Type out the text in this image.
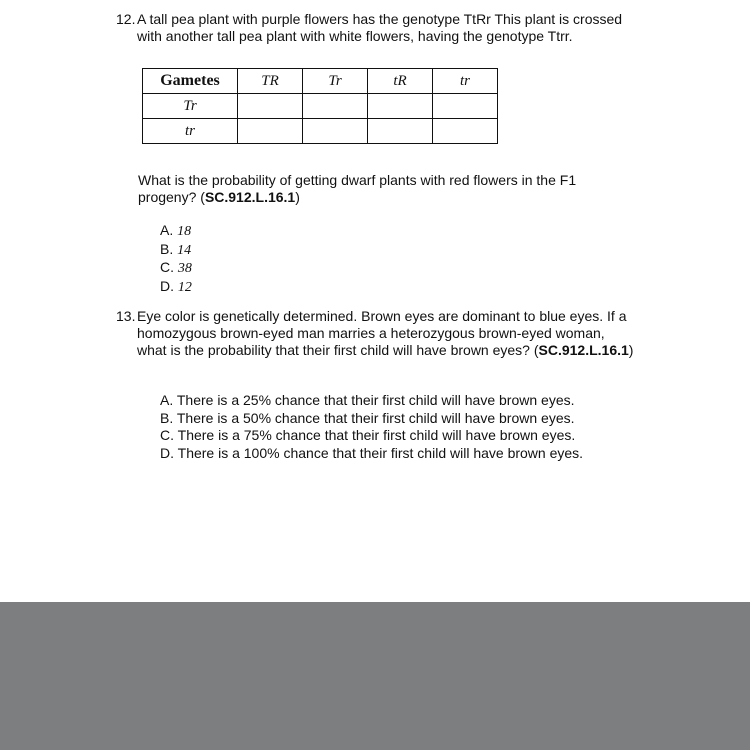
12. A tall pea plant with purple flowers has the genotype TtRr This plant is crossed
with another tall pea plant with white flowers, having the genotype Ttrr.
Gametes	TR	Tr	tR	tr
Tr				
tr				
What is the probability of getting dwarf plants with red flowers in the F1
progeny? (SC.912.L.16.1)
A. 18
B. 14
C. 38
D. 12
13. Eye color is genetically determined. Brown eyes are dominant to blue eyes. If a
homozygous brown-eyed man marries a heterozygous brown-eyed woman,
what is the probability that their first child will have brown eyes? (SC.912.L.16.1)
A. There is a 25% chance that their first child will have brown eyes.
B. There is a 50% chance that their first child will have brown eyes.
C. There is a 75% chance that their first child will have brown eyes.
D. There is a 100% chance that their first child will have brown eyes.
